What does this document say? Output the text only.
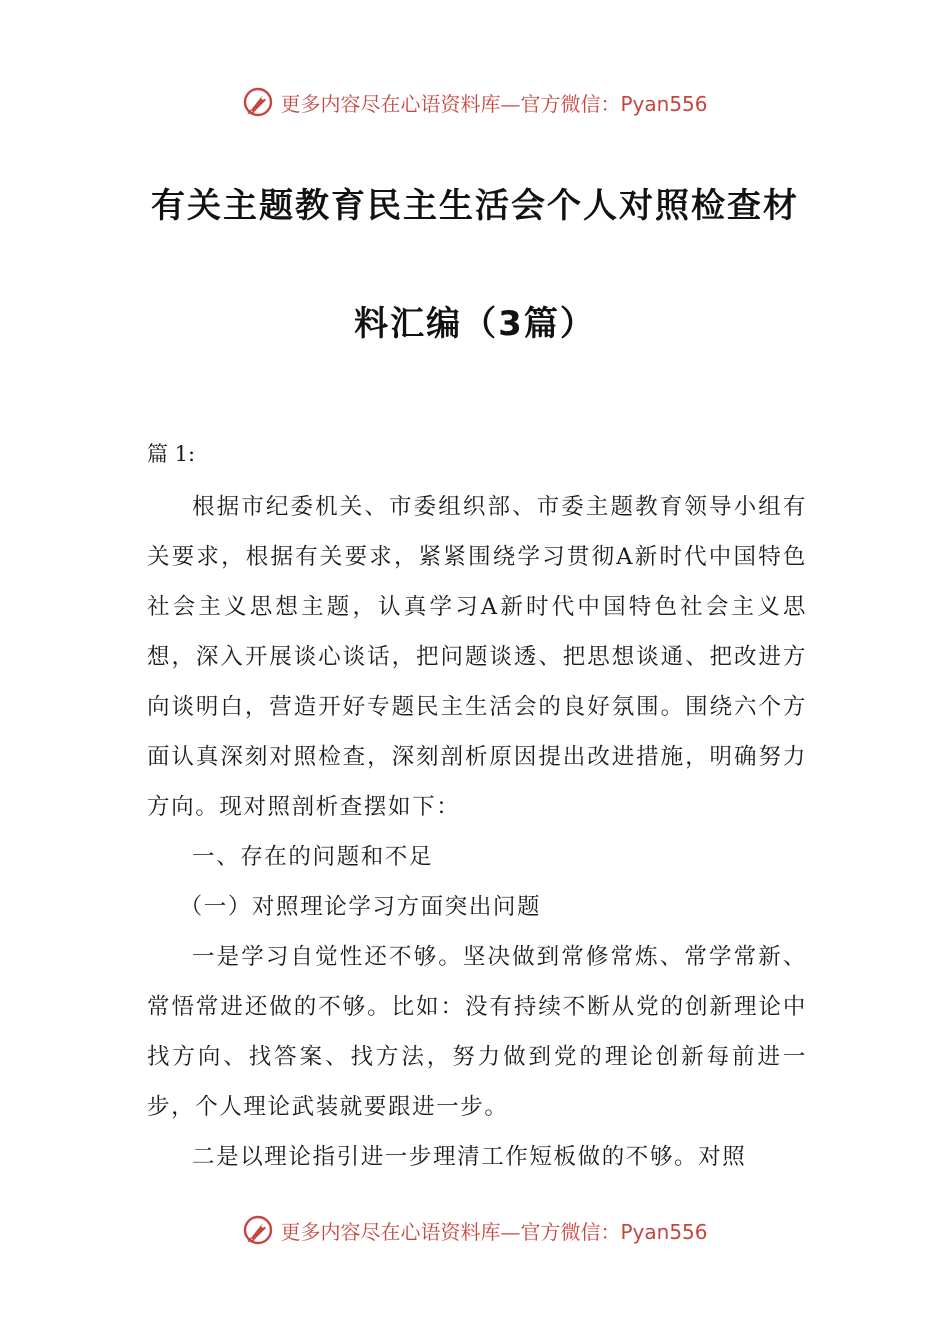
更多内容尽在心语资料库—官方微信：Pyan556
有关主题教育民主生活会个人对照检查材
料汇编（3篇）
篇 1:

根据市纪委机关、市委组织部、市委主题教育领导小组有关要求，根据有关要求，紧紧围绕学习贯彻A新时代中国特色社会主义思想主题，认真学习A新时代中国特色社会主义思想，深入开展谈心谈话，把问题谈透、把思想谈通、把改进方向谈明白，营造开好专题民主生活会的良好氛围。围绕六个方面认真深刻对照检查，深刻剖析原因提出改进措施，明确努力方向。现对照剖析查摆如下：

一、存在的问题和不足

（一）对照理论学习方面突出问题

一是学习自觉性还不够。坚决做到常修常炼、常学常新、常悟常进还做的不够。比如：没有持续不断从党的创新理论中找方向、找答案、找方法，努力做到党的理论创新每前进一步，个人理论武装就要跟进一步。

二是以理论指引进一步理清工作短板做的不够。对照

更多内容尽在心语资料库—官方微信：Pyan556
